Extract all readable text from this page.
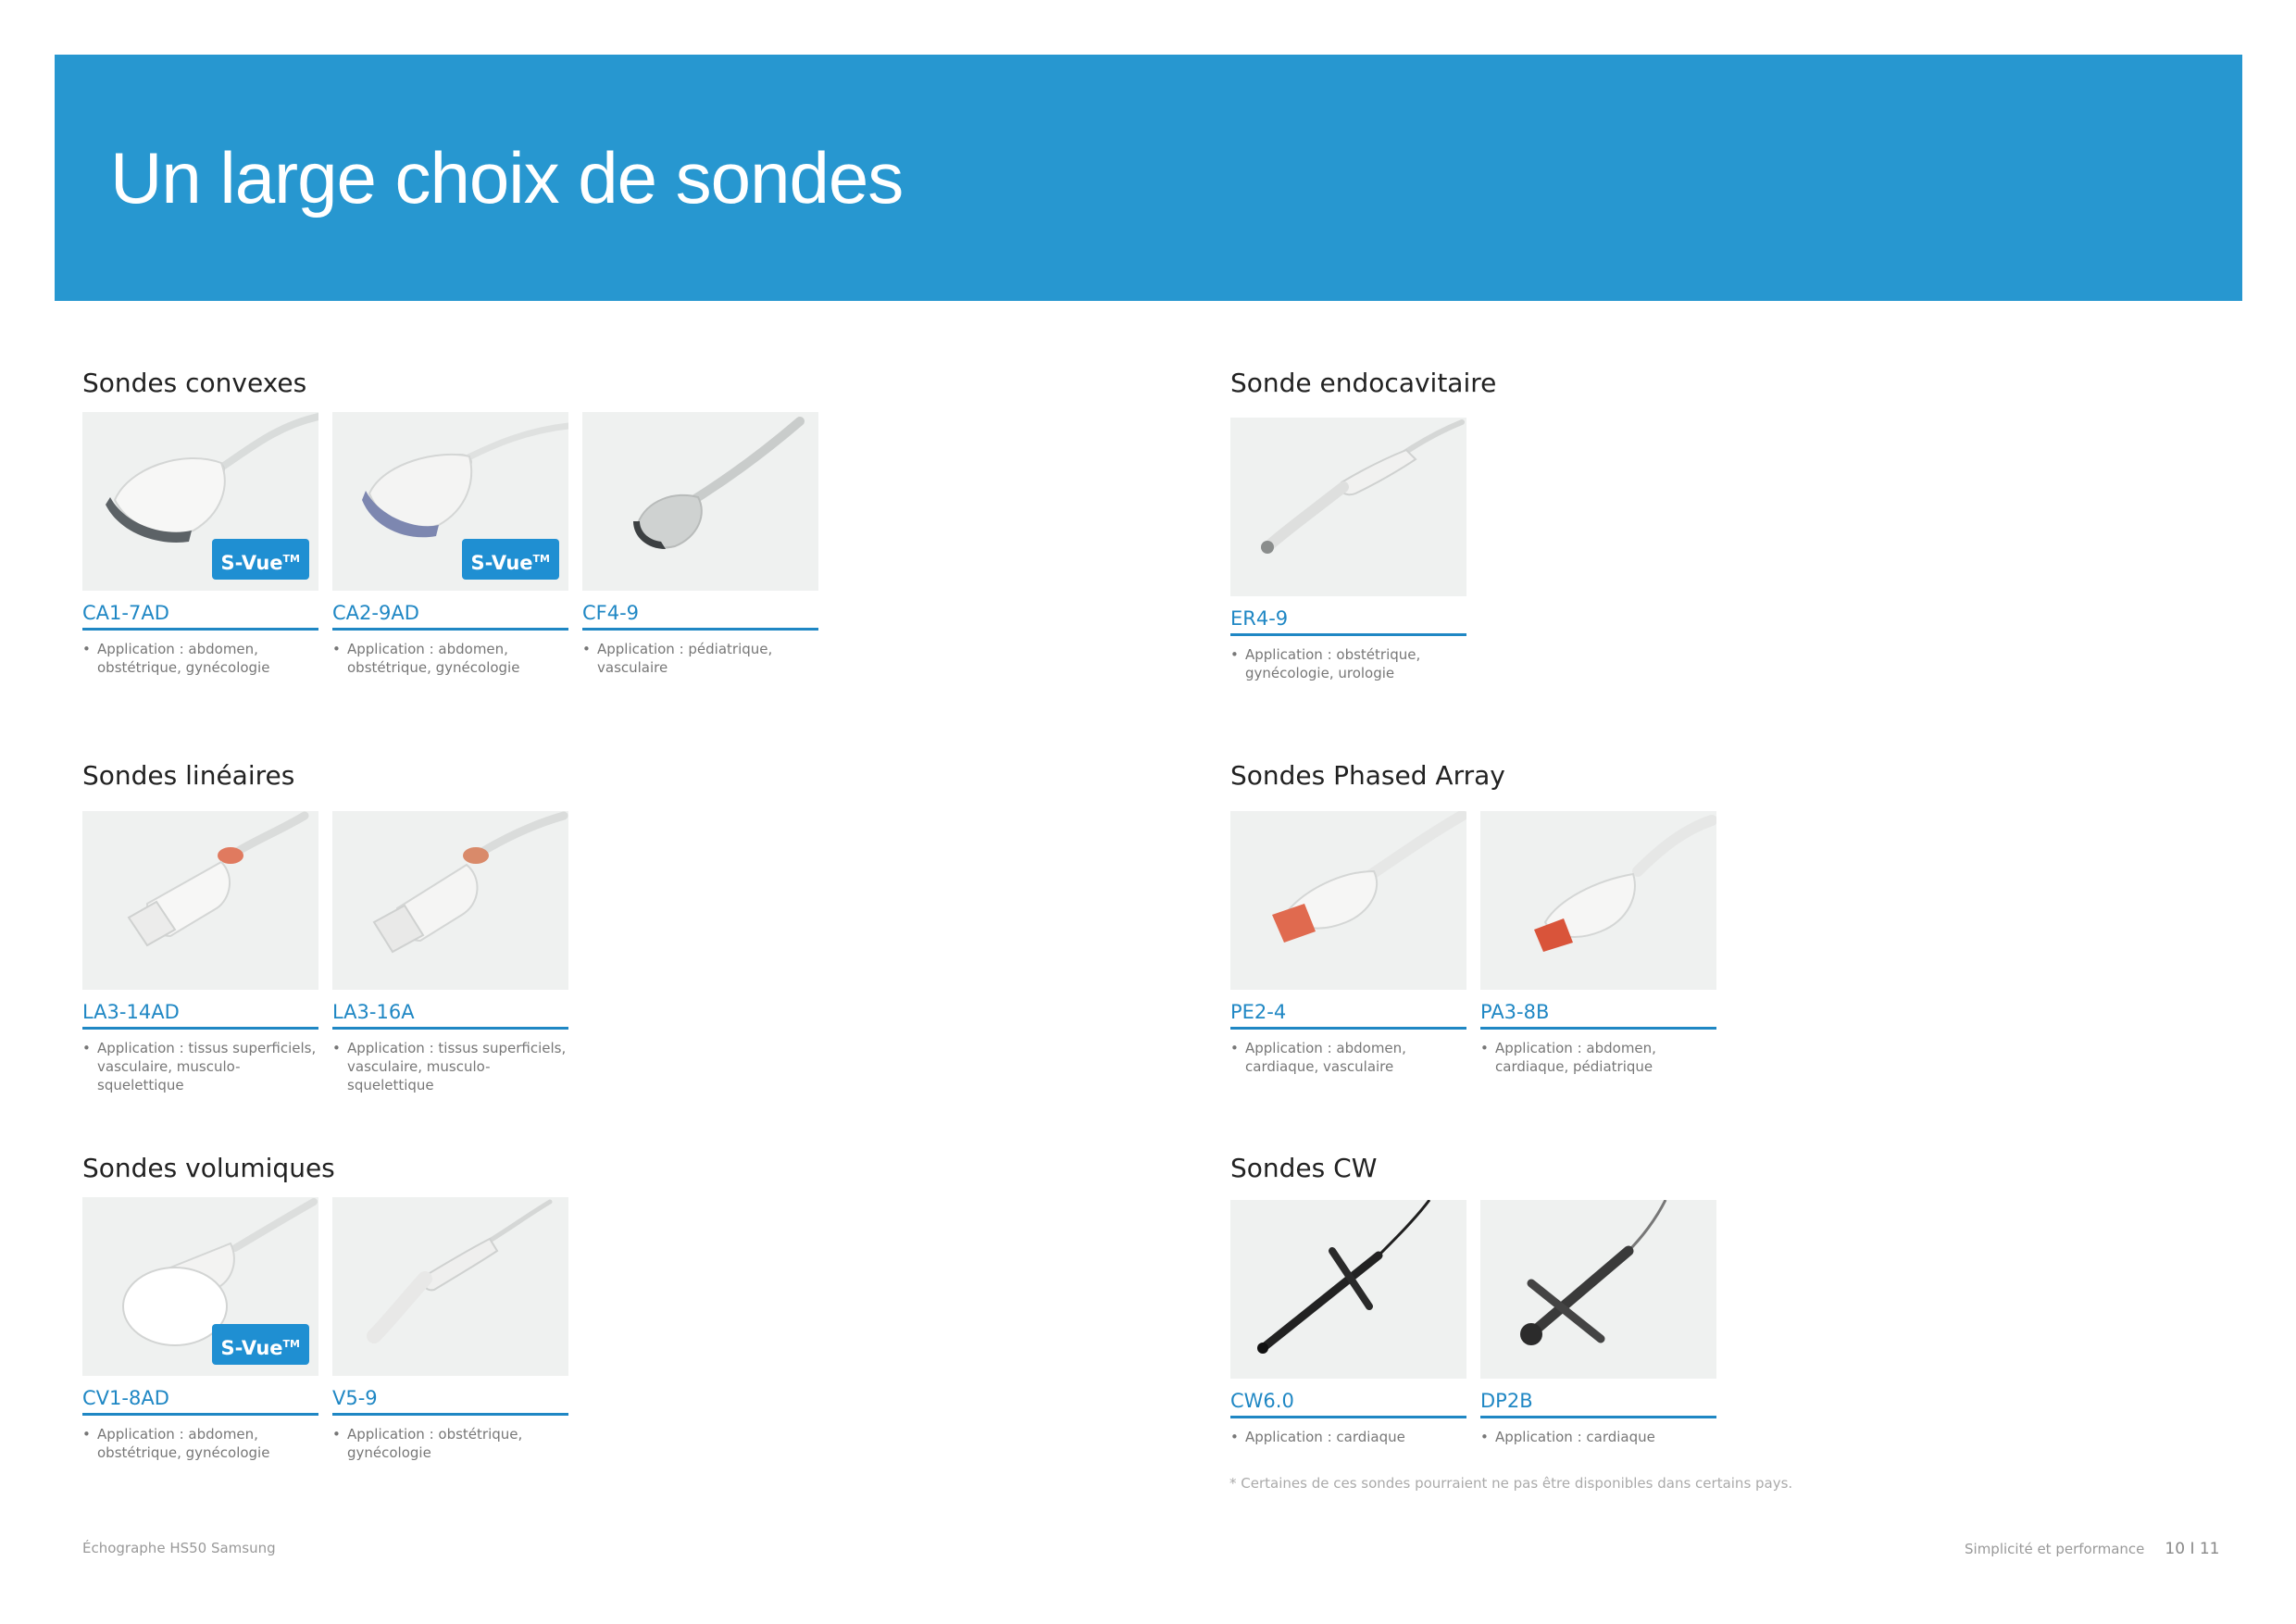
Un large choix de sondes
Sondes convexes
S-Vue™
CA1-7AD
• Application : abdomen, obstétrique, gynécologie
S-Vue™
CA2-9AD
• Application : abdomen, obstétrique, gynécologie
CF4-9
• Application : pédiatrique, vasculaire
Sondes linéaires
LA3-14AD
• Application : tissus superficiels, vasculaire, musculo-squelettique
LA3-16A
• Application : tissus superficiels, vasculaire, musculo-squelettique
Sondes volumiques
S-Vue™
CV1-8AD
• Application : abdomen, obstétrique, gynécologie
V5-9
• Application : obstétrique, gynécologie
Sonde endocavitaire
ER4-9
• Application : obstétrique, gynécologie, urologie
Sondes Phased Array
PE2-4
• Application : abdomen, cardiaque, vasculaire
PA3-8B
• Application : abdomen, cardiaque, pédiatrique
Sondes CW
CW6.0
• Application : cardiaque
DP2B
• Application : cardiaque
* Certaines de ces sondes pourraient ne pas être disponibles dans certains pays.
Échographe HS50 Samsung	Simplicité et performance 10 I 11
